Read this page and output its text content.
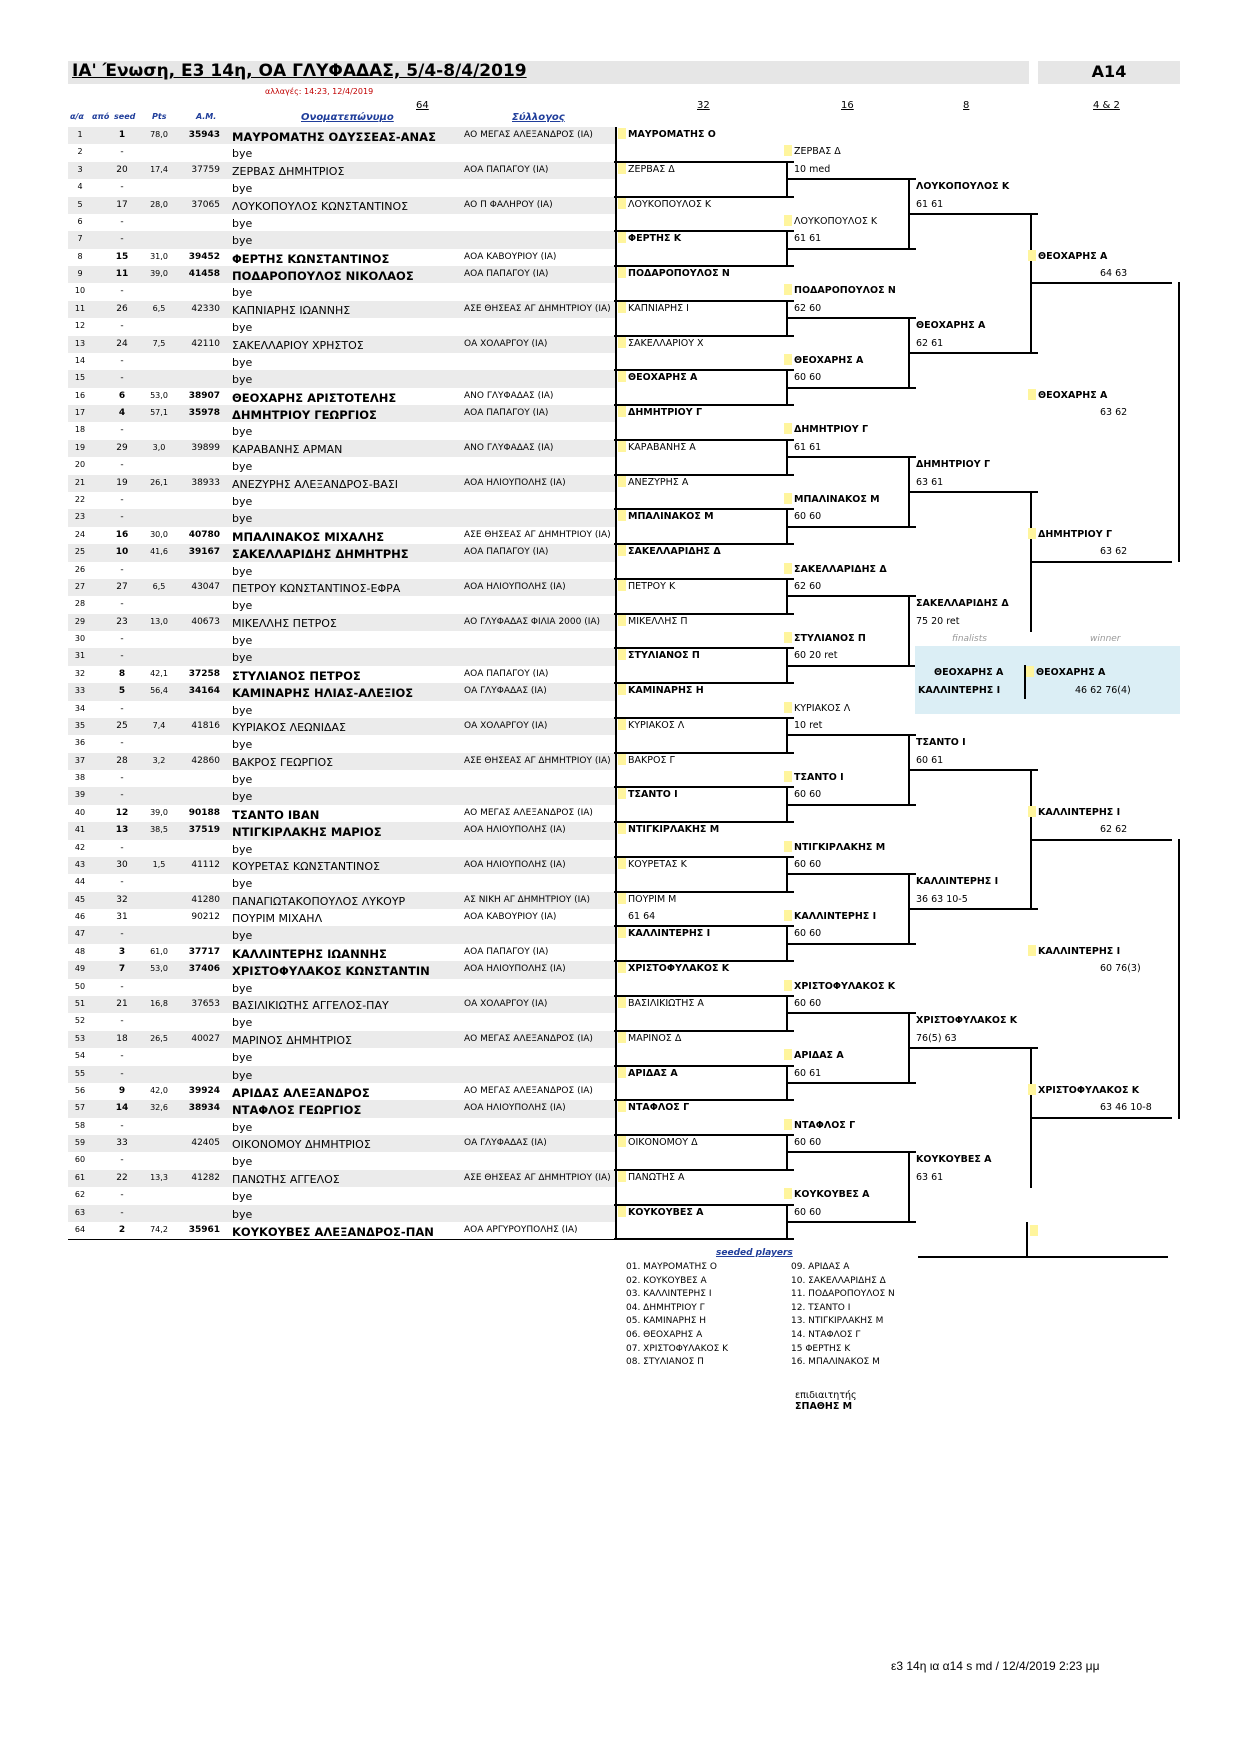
ΙΑ' Ένωση, Ε3 14η, ΟΑ ΓΛΥΦΑΔΑΣ, 5/4-8/4/2019	Α14
αλλαγές: 14:23, 12/4/2019
64	32	16	8	4 & 2
α/α από seed Pts	Α.Μ.	Ονοματεπώνυμο	Σύλλογος
1	1	78,0	35943 ΜΑΥΡΟΜΑΤΗΣ ΟΔΥΣΣΕΑΣ-ΑΝΑΣ	ΑΟ ΜΕΓΑΣ ΑΛΕΞΑΝΔΡΟΣ (ΙΑ)
2	-	bye
3	20	17,4	37759 ΖΕΡΒΑΣ ΔΗΜΗΤΡΙΟΣ	ΑΟΑ ΠΑΠΑΓΟΥ (ΙΑ)
4	-	bye
5	17	28,0	37065 ΛΟΥΚΟΠΟΥΛΟΣ ΚΩΝΣΤΑΝΤΙΝΟΣ	ΑΟ Π ΦΑΛΗΡΟΥ (ΙΑ)
6	-	bye
7	-	bye
8	15	31,0	39452 ΦΕΡΤΗΣ ΚΩΝΣΤΑΝΤΙΝΟΣ	ΑΟΑ ΚΑΒΟΥΡΙΟΥ (ΙΑ)
9	11	39,0	41458 ΠΟΔΑΡΟΠΟΥΛΟΣ ΝΙΚΟΛΑΟΣ	ΑΟΑ ΠΑΠΑΓΟΥ (ΙΑ)
10	-	bye
11	26	6,5	42330 ΚΑΠΝΙΑΡΗΣ ΙΩΑΝΝΗΣ	ΑΣΕ ΘΗΣΕΑΣ ΑΓ ΔΗΜΗΤΡΙΟΥ (ΙΑ)
12	-	bye
13	24	7,5	42110 ΣΑΚΕΛΛΑΡΙΟΥ ΧΡΗΣΤΟΣ	ΟΑ ΧΟΛΑΡΓΟΥ (ΙΑ)
14	-	bye
15	-	bye
16	6	53,0	38907 ΘΕΟΧΑΡΗΣ ΑΡΙΣΤΟΤΕΛΗΣ	ΑΝΟ ΓΛΥΦΑΔΑΣ (ΙΑ)
17	4	57,1	35978 ΔΗΜΗΤΡΙΟΥ ΓΕΩΡΓΙΟΣ	ΑΟΑ ΠΑΠΑΓΟΥ (ΙΑ)
18	-	bye
19	29	3,0	39899 ΚΑΡΑΒΑΝΗΣ ΑΡΜΑΝ	ΑΝΟ ΓΛΥΦΑΔΑΣ (ΙΑ)
20	-	bye
21	19	26,1	38933 ΑΝΕΖΥΡΗΣ ΑΛΕΞΑΝΔΡΟΣ-ΒΑΣΙ	ΑΟΑ ΗΛΙΟΥΠΟΛΗΣ (ΙΑ)
22	-	bye
23	-	bye
24	16	30,0	40780 ΜΠΑΛΙΝΑΚΟΣ ΜΙΧΑΛΗΣ	ΑΣΕ ΘΗΣΕΑΣ ΑΓ ΔΗΜΗΤΡΙΟΥ (ΙΑ)
25	10	41,6	39167 ΣΑΚΕΛΛΑΡΙΔΗΣ ΔΗΜΗΤΡΗΣ	ΑΟΑ ΠΑΠΑΓΟΥ (ΙΑ)
26	-	bye
27	27	6,5	43047 ΠΕΤΡΟΥ ΚΩΝΣΤΑΝΤΙΝΟΣ-ΕΦΡΑ	ΑΟΑ ΗΛΙΟΥΠΟΛΗΣ (ΙΑ)
28	-	bye
29	23	13,0	40673 ΜΙΚΕΛΛΗΣ ΠΕΤΡΟΣ	ΑΟ ΓΛΥΦΑΔΑΣ ΦΙΛΙΑ 2000 (ΙΑ)
30	-	bye
31	-	bye
32	8	42,1	37258 ΣΤΥΛΙΑΝΟΣ ΠΕΤΡΟΣ	ΑΟΑ ΠΑΠΑΓΟΥ (ΙΑ)
33	5	56,4	34164 ΚΑΜΙΝΑΡΗΣ ΗΛΙΑΣ-ΑΛΕΞΙΟΣ	ΟΑ ΓΛΥΦΑΔΑΣ (ΙΑ)
34	-	bye
35	25	7,4	41816 ΚΥΡΙΑΚΟΣ ΛΕΩΝΙΔΑΣ	ΟΑ ΧΟΛΑΡΓΟΥ (ΙΑ)
36	-	bye
37	28	3,2	42860 ΒΑΚΡΟΣ ΓΕΩΡΓΙΟΣ	ΑΣΕ ΘΗΣΕΑΣ ΑΓ ΔΗΜΗΤΡΙΟΥ (ΙΑ)
38	-	bye
39	-	bye
40	12	39,0	90188 ΤΣΑΝΤΟ ΙΒΑΝ	ΑΟ ΜΕΓΑΣ ΑΛΕΞΑΝΔΡΟΣ (ΙΑ)
41	13	38,5	37519 ΝΤΙΓΚΙΡΛΑΚΗΣ ΜΑΡΙΟΣ	ΑΟΑ ΗΛΙΟΥΠΟΛΗΣ (ΙΑ)
42	-	bye
43	30	1,5	41112 ΚΟΥΡΕΤΑΣ ΚΩΝΣΤΑΝΤΙΝΟΣ	ΑΟΑ ΗΛΙΟΥΠΟΛΗΣ (ΙΑ)
44	-	bye
45	32	41280 ΠΑΝΑΓΙΩΤΑΚΟΠΟΥΛΟΣ ΛΥΚΟΥΡ	ΑΣ ΝΙΚΗ ΑΓ ΔΗΜΗΤΡΙΟΥ (ΙΑ)
46	31	90212 ΠΟΥΡΙΜ ΜΙΧΑΗΛ	ΑΟΑ ΚΑΒΟΥΡΙΟΥ (ΙΑ)
47	-	bye
48	3	61,0	37717 ΚΑΛΛΙΝΤΕΡΗΣ ΙΩΑΝΝΗΣ	ΑΟΑ ΠΑΠΑΓΟΥ (ΙΑ)
49	7	53,0	37406 ΧΡΙΣΤΟΦΥΛΑΚΟΣ ΚΩΝΣΤΑΝΤΙΝ	ΑΟΑ ΗΛΙΟΥΠΟΛΗΣ (ΙΑ)
50	-	bye
51	21	16,8	37653 ΒΑΣΙΛΙΚΙΩΤΗΣ ΑΓΓΕΛΟΣ-ΠΑΥ	ΟΑ ΧΟΛΑΡΓΟΥ (ΙΑ)
52	-	bye
53	18	26,5	40027 ΜΑΡΙΝΟΣ ΔΗΜΗΤΡΙΟΣ	ΑΟ ΜΕΓΑΣ ΑΛΕΞΑΝΔΡΟΣ (ΙΑ)
54	-	bye
55	-	bye
56	9	42,0	39924 ΑΡΙΔΑΣ ΑΛΕΞΑΝΔΡΟΣ	ΑΟ ΜΕΓΑΣ ΑΛΕΞΑΝΔΡΟΣ (ΙΑ)
57	14	32,6	38934 ΝΤΑΦΛΟΣ ΓΕΩΡΓΙΟΣ	ΑΟΑ ΗΛΙΟΥΠΟΛΗΣ (ΙΑ)
58	-	bye
59	33	42405 ΟΙΚΟΝΟΜΟΥ ΔΗΜΗΤΡΙΟΣ	ΟΑ ΓΛΥΦΑΔΑΣ (ΙΑ)
60	-	bye
61	22	13,3	41282 ΠΑΝΩΤΗΣ ΑΓΓΕΛΟΣ	ΑΣΕ ΘΗΣΕΑΣ ΑΓ ΔΗΜΗΤΡΙΟΥ (ΙΑ)
62	-	bye
63	-	bye
64	2	74,2	35961 ΚΟΥΚΟΥΒΕΣ ΑΛΕΞΑΝΔΡΟΣ-ΠΑΝ	ΑΟΑ ΑΡΓΥΡΟΥΠΟΛΗΣ (ΙΑ)
ΜΑΥΡΟΜΑΤΗΣ Ο
ΖΕΡΒΑΣ Δ
ΛΟΥΚΟΠΟΥΛΟΣ Κ
ΦΕΡΤΗΣ Κ
ΠΟΔΑΡΟΠΟΥΛΟΣ Ν
ΚΑΠΝΙΑΡΗΣ Ι
ΣΑΚΕΛΛΑΡΙΟΥ Χ
ΘΕΟΧΑΡΗΣ Α
ΔΗΜΗΤΡΙΟΥ Γ
ΚΑΡΑΒΑΝΗΣ Α
ΑΝΕΖΥΡΗΣ Α
ΜΠΑΛΙΝΑΚΟΣ Μ
ΣΑΚΕΛΛΑΡΙΔΗΣ Δ
ΠΕΤΡΟΥ Κ
ΜΙΚΕΛΛΗΣ Π
ΣΤΥΛΙΑΝΟΣ Π
ΚΑΜΙΝΑΡΗΣ Η
ΚΥΡΙΑΚΟΣ Λ
ΒΑΚΡΟΣ Γ
ΤΣΑΝΤΟ Ι
ΝΤΙΓΚΙΡΛΑΚΗΣ Μ
ΚΟΥΡΕΤΑΣ Κ
ΠΟΥΡΙΜ Μ
61 64
ΚΑΛΛΙΝΤΕΡΗΣ Ι
ΧΡΙΣΤΟΦΥΛΑΚΟΣ Κ
ΒΑΣΙΛΙΚΙΩΤΗΣ Α
ΜΑΡΙΝΟΣ Δ
ΑΡΙΔΑΣ Α
ΝΤΑΦΛΟΣ Γ
ΟΙΚΟΝΟΜΟΥ Δ
ΠΑΝΩΤΗΣ Α
ΚΟΥΚΟΥΒΕΣ Α
ΖΕΡΒΑΣ Δ
10 med
ΛΟΥΚΟΠΟΥΛΟΣ Κ
61 61
ΠΟΔΑΡΟΠΟΥΛΟΣ Ν
62 60
ΘΕΟΧΑΡΗΣ Α
60 60
ΔΗΜΗΤΡΙΟΥ Γ
61 61
ΜΠΑΛΙΝΑΚΟΣ Μ
60 60
ΣΑΚΕΛΛΑΡΙΔΗΣ Δ
62 60
ΣΤΥΛΙΑΝΟΣ Π
60 20 ret
ΚΥΡΙΑΚΟΣ Λ
10 ret
ΤΣΑΝΤΟ Ι
60 60
ΝΤΙΓΚΙΡΛΑΚΗΣ Μ
60 60
ΚΑΛΛΙΝΤΕΡΗΣ Ι
60 60
ΧΡΙΣΤΟΦΥΛΑΚΟΣ Κ
60 60
ΑΡΙΔΑΣ Α
60 61
ΝΤΑΦΛΟΣ Γ
60 60
ΚΟΥΚΟΥΒΕΣ Α
60 60
ΛΟΥΚΟΠΟΥΛΟΣ Κ
61 61
ΘΕΟΧΑΡΗΣ Α
62 61
ΔΗΜΗΤΡΙΟΥ Γ
63 61
ΣΑΚΕΛΛΑΡΙΔΗΣ Δ
75 20 ret
ΤΣΑΝΤΟ Ι
60 61
ΚΑΛΛΙΝΤΕΡΗΣ Ι
36 63 10-5
ΧΡΙΣΤΟΦΥΛΑΚΟΣ Κ
76(5) 63
ΚΟΥΚΟΥΒΕΣ Α
63 61
ΘΕΟΧΑΡΗΣ Α
64 63
ΘΕΟΧΑΡΗΣ Α
63 62
ΔΗΜΗΤΡΙΟΥ Γ
63 62
ΚΑΛΛΙΝΤΕΡΗΣ Ι
62 62
ΚΑΛΛΙΝΤΕΡΗΣ Ι
60 76(3)
ΧΡΙΣΤΟΦΥΛΑΚΟΣ Κ
63 46 10-8
finalists	winner
ΘΕΟΧΑΡΗΣ Α
ΚΑΛΛΙΝΤΕΡΗΣ Ι
ΘΕΟΧΑΡΗΣ Α
46 62 76(4)
seeded players
01. ΜΑΥΡΟΜΑΤΗΣ Ο
02. ΚΟΥΚΟΥΒΕΣ Α
03. ΚΑΛΛΙΝΤΕΡΗΣ Ι
04. ΔΗΜΗΤΡΙΟΥ Γ
05. ΚΑΜΙΝΑΡΗΣ Η
06. ΘΕΟΧΑΡΗΣ Α
07. ΧΡΙΣΤΟΦΥΛΑΚΟΣ Κ
08. ΣΤΥΛΙΑΝΟΣ Π
09. ΑΡΙΔΑΣ Α
10. ΣΑΚΕΛΛΑΡΙΔΗΣ Δ
11. ΠΟΔΑΡΟΠΟΥΛΟΣ Ν
12. ΤΣΑΝΤΟ Ι
13. ΝΤΙΓΚΙΡΛΑΚΗΣ Μ
14. ΝΤΑΦΛΟΣ Γ
15 ΦΕΡΤΗΣ Κ
16. ΜΠΑΛΙΝΑΚΟΣ Μ
επιδιαιτητής
ΣΠΑΘΗΣ Μ
ε3 14η ια α14 s md / 12/4/2019 2:23 μμ
